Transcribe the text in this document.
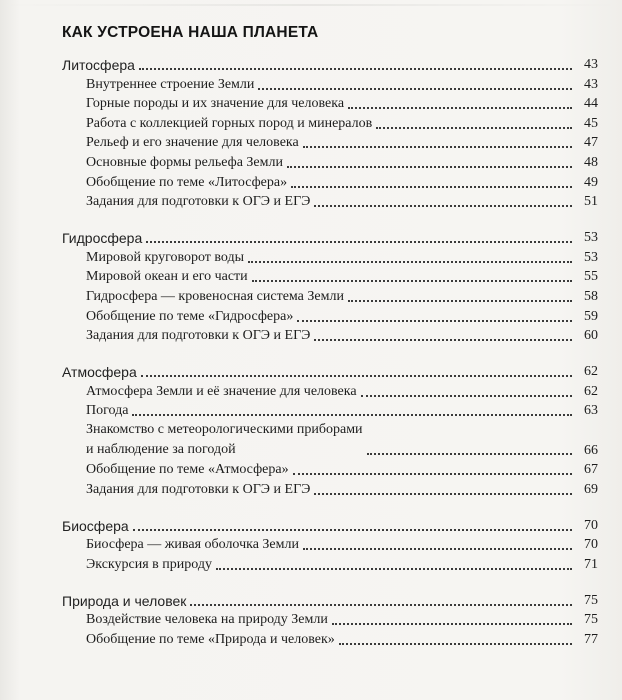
КАК УСТРОЕНА НАША ПЛАНЕТА
Литосфера	43
Внутреннее строение Земли	43
Горные породы и их значение для человека	44
Работа с коллекцией горных пород и минералов	45
Рельеф и его значение для человека	47
Основные формы рельефа Земли	48
Обобщение по теме «Литосфера»	49
Задания для подготовки к ОГЭ и ЕГЭ	51
Гидросфера	53
Мировой круговорот воды	53
Мировой океан и его части	55
Гидросфера — кровеносная система Земли	58
Обобщение по теме «Гидросфера»	59
Задания для подготовки к ОГЭ и ЕГЭ	60
Атмосфера	62
Атмосфера Земли и её значение для человека	62
Погода	63
Знакомство с метеорологическими приборами
и наблюдение за погодой	66
Обобщение по теме «Атмосфера»	67
Задания для подготовки к ОГЭ и ЕГЭ	69
Биосфера	70
Биосфера — живая оболочка Земли	70
Экскурсия в природу	71
Природа и человек	75
Воздействие человека на природу Земли	75
Обобщение по теме «Природа и человек»	77
